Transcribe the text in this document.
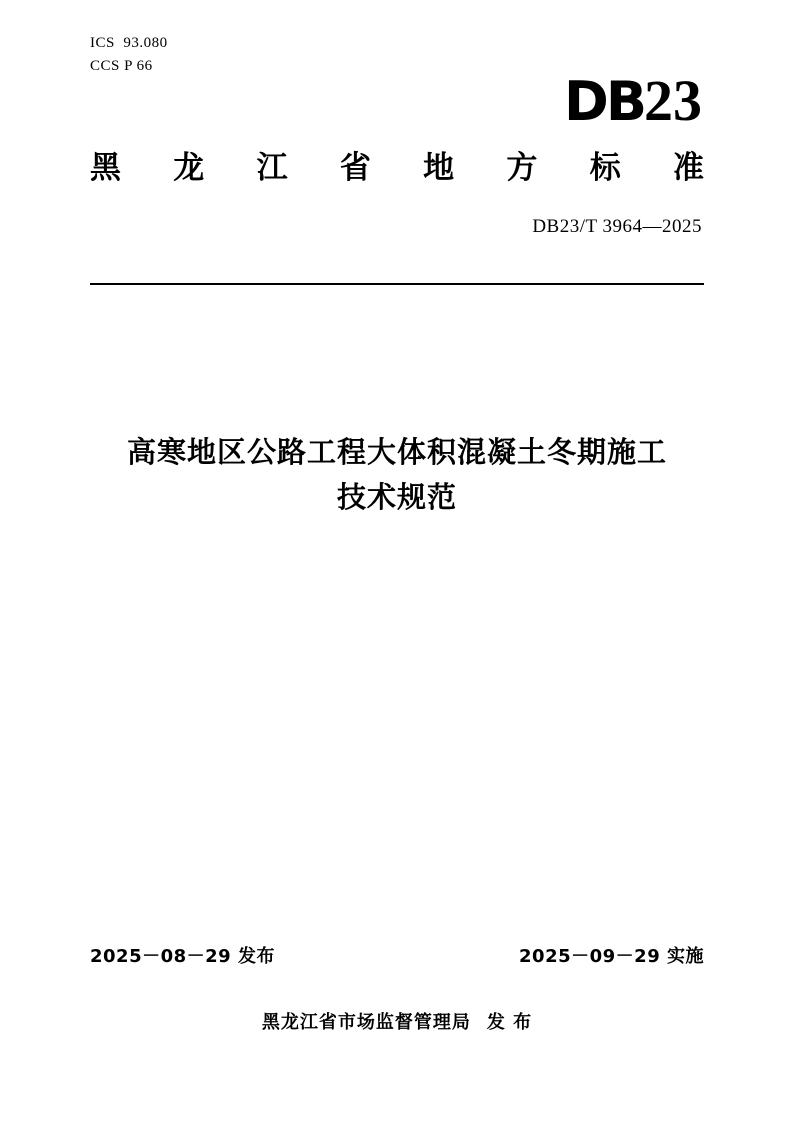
ICS  93.080
CCS P 66
DB23
黑 龙 江 省 地 方 标 准
DB23/T 3964—2025
高寒地区公路工程大体积混凝土冬期施工
技术规范
2025－08－29 发布	2025－09－29 实施
黑龙江省市场监督管理局 发 布
